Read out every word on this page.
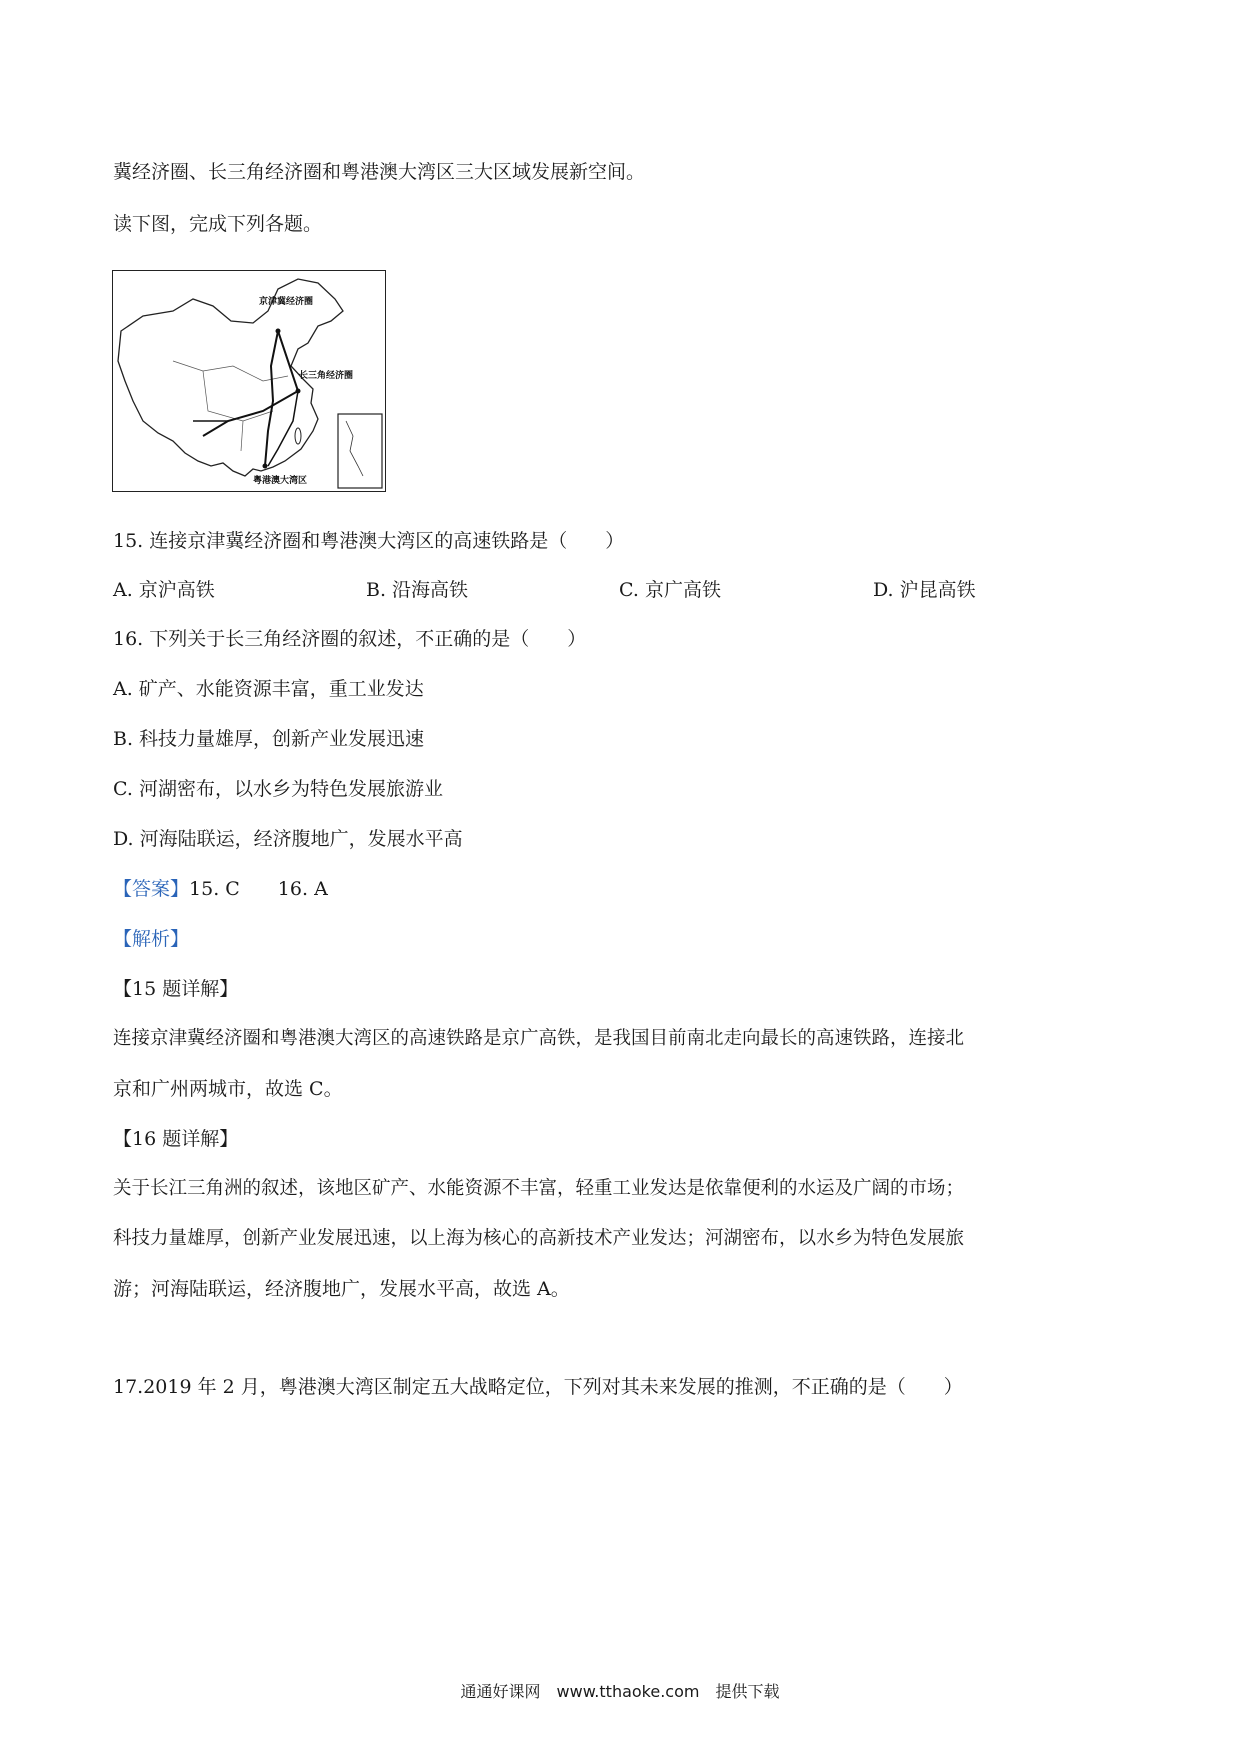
冀经济圈、长三角经济圈和粤港澳大湾区三大区域发展新空间。
读下图，完成下列各题。
京津冀经济圈
长三角经济圈
粤港澳大湾区
15. 连接京津冀经济圈和粤港澳大湾区的高速铁路是（　　）
A. 京沪高铁	B. 沿海高铁	C. 京广高铁	D. 沪昆高铁
16. 下列关于长三角经济圈的叙述，不正确的是（　　）
A. 矿产、水能资源丰富，重工业发达
B. 科技力量雄厚，创新产业发展迅速
C. 河湖密布，以水乡为特色发展旅游业
D. 河海陆联运，经济腹地广，发展水平高
【答案】15. C　　16. A
【解析】
【15 题详解】
连接京津冀经济圈和粤港澳大湾区的高速铁路是京广高铁，是我国目前南北走向最长的高速铁路，连接北
京和广州两城市，故选 C。
【16 题详解】
关于长江三角洲的叙述，该地区矿产、水能资源不丰富，轻重工业发达是依靠便利的水运及广阔的市场；
科技力量雄厚，创新产业发展迅速，以上海为核心的高新技术产业发达；河湖密布，以水乡为特色发展旅
游；河海陆联运，经济腹地广，发展水平高，故选 A。
17.2019 年 2 月，粤港澳大湾区制定五大战略定位，下列对其未来发展的推测，不正确的是（　　）
通通好课网　www.tthaoke.com　提供下载
